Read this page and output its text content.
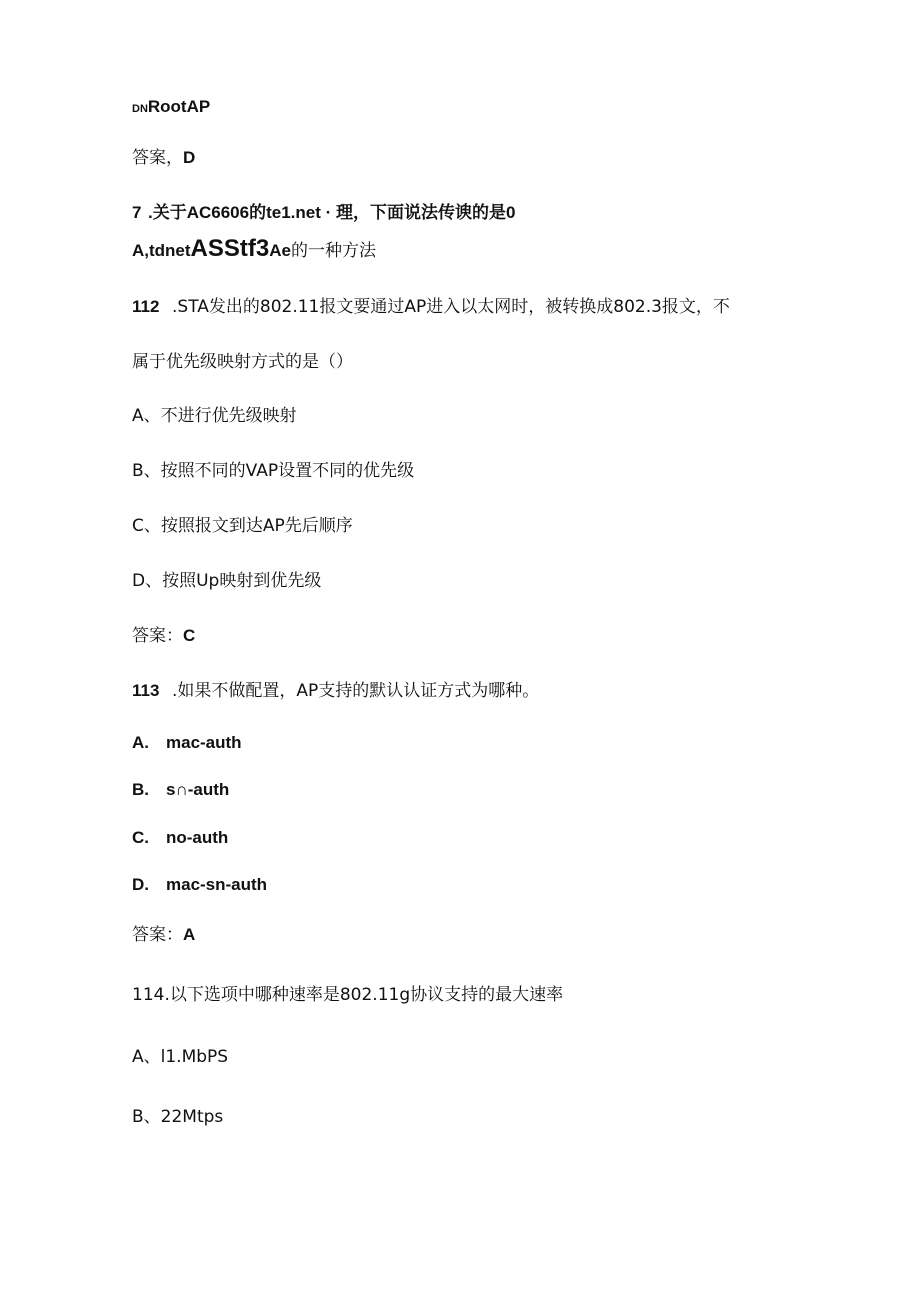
DNRootAP
答案，D
7 .关于AC6606的te1.net · 理，下面说法传谀的是0
A,tdnetASStf3Ae的一种方法
112 .STA发出的802.11报文要通过AP进入以太网时，被转换成802.3报文，不
属于优先级映射方式的是（）
A、不进行优先级映射
B、按照不同的VAP设置不同的优先级
C、按照报文到达AP先后顺序
D、按照Up映射到优先级
答案：C
113 .如果不做配置，AP支持的默认认证方式为哪种。
A. mac-auth
B. s∩-auth
C. no-auth
D. mac-sn-auth
答案：A
114.以下选项中哪种速率是802.11g协议支持的最大速率
A、l1.MbPS
B、22Mtps
